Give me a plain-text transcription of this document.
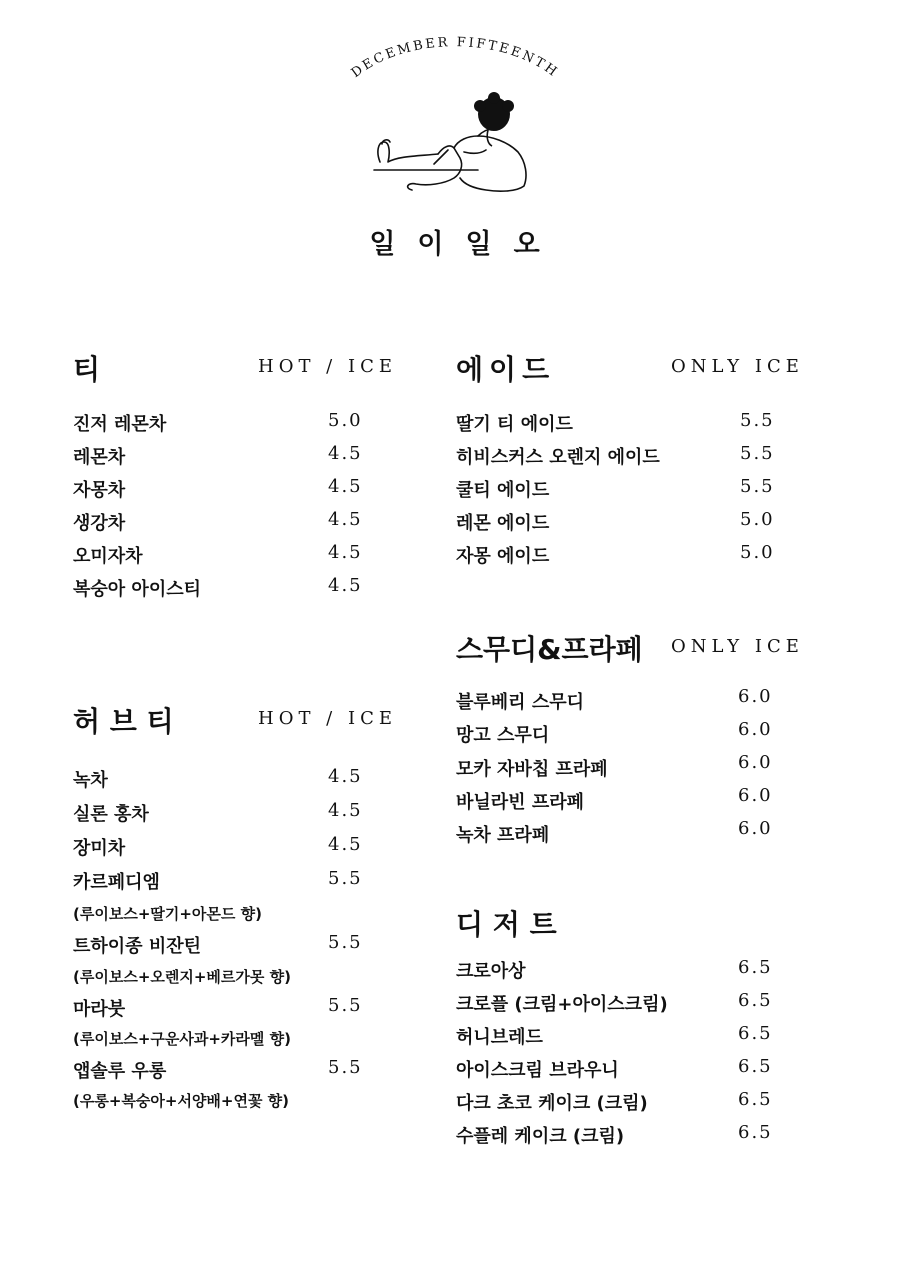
DECEMBER FIFTEENTH
일이일오
티	HOT / ICE
진저 레몬차	5.0
레몬차	4.5
자몽차	4.5
생강차	4.5
오미자차	4.5
복숭아 아이스티	4.5
허 브 티	HOT / ICE
녹차	4.5
실론 홍차	4.5
장미차	4.5
카르페디엠	5.5
(루이보스+딸기+아몬드 향)
트하이종 비잔틴	5.5
(루이보스+오렌지+베르가못 향)
마라붓	5.5
(루이보스+구운사과+카라멜 향)
앱솔루 우롱	5.5
(우롱+복숭아+서양배+연꽃 향)
에이드	ONLY ICE
딸기 티 에이드	5.5
히비스커스 오렌지 에이드	5.5
쿨티 에이드	5.5
레몬 에이드	5.0
자몽 에이드	5.0
스무디&프라페 ONLY ICE
블루베리 스무디	6.0
망고 스무디	6.0
모카 자바칩 프라페	6.0
바닐라빈 프라페	6.0
녹차 프라페	6.0
디 저 트
크로아상	6.5
크로플 (크림+아이스크림)	6.5
허니브레드	6.5
아이스크림 브라우니	6.5
다크 초코 케이크 (크림)	6.5
수플레 케이크 (크림)	6.5
